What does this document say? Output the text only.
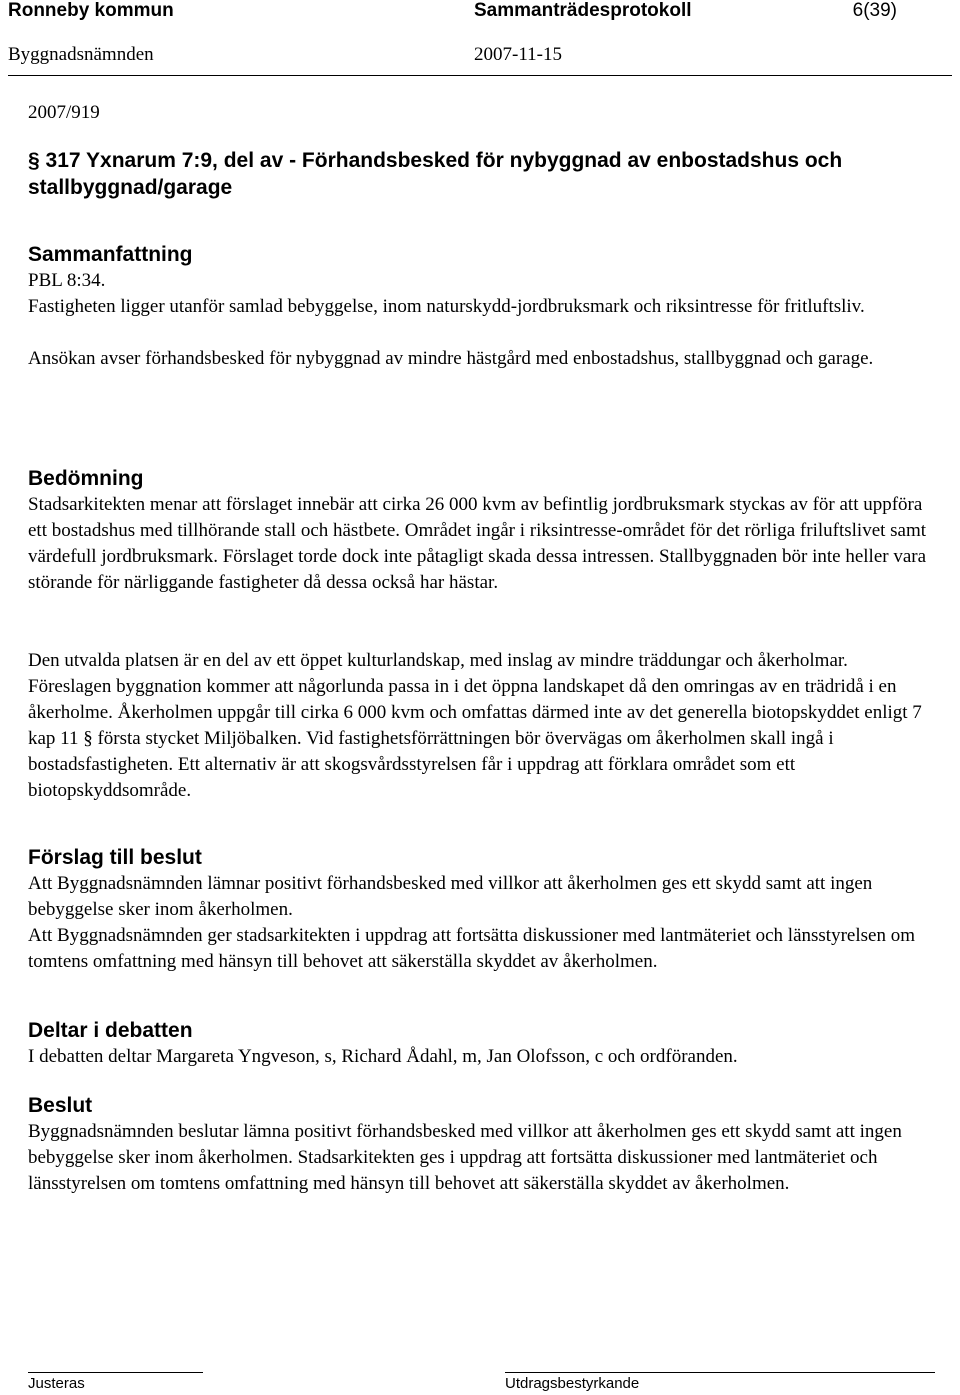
Ronneby kommun	Sammanträdesprotokoll	6(39)
Byggnadsnämnden	2007-11-15
2007/919
§ 317 Yxnarum 7:9, del av - Förhandsbesked för nybyggnad av enbostadshus och
stallbyggnad/garage

Sammanfattning

PBL 8:34.

Fastigheten ligger utanför samlad bebyggelse, inom naturskydd-jordbruksmark och riksintresse för fritluftsliv.

Ansökan avser förhandsbesked för nybyggnad av mindre hästgård med enbostadshus, stallbyggnad och garage.

Bedömning

Stadsarkitekten menar att förslaget innebär att cirka 26 000 kvm av befintlig jordbruksmark styckas av för att uppföra ett bostadshus med tillhörande stall och hästbete. Området ingår i riksintresse-området för det rörliga friluftslivet samt värdefull jordbruksmark. Förslaget torde dock inte påtagligt skada dessa intressen. Stallbyggnaden bör inte heller vara störande för närliggande fastigheter då dessa också har hästar.

Den utvalda platsen är en del av ett öppet kulturlandskap, med inslag av mindre träddungar och åkerholmar. Föreslagen byggnation kommer att någorlunda passa in i det öppna landskapet då den omringas av en trädridå i en åkerholme. Åkerholmen uppgår till cirka 6 000 kvm och omfattas därmed inte av det generella biotopskyddet enligt 7 kap 11 § första stycket Miljöbalken. Vid fastighetsförrättningen bör övervägas om åkerholmen skall ingå i bostadsfastigheten. Ett alternativ är att skogsvårdsstyrelsen får i uppdrag att förklara området som ett biotopskyddsområde.

Förslag till beslut

Att Byggnadsnämnden lämnar positivt förhandsbesked med villkor att åkerholmen ges ett skydd samt att ingen bebyggelse sker inom åkerholmen.

Att Byggnadsnämnden ger stadsarkitekten i uppdrag att fortsätta diskussioner med lantmäteriet och länsstyrelsen om tomtens omfattning med hänsyn till behovet att säkerställa skyddet av åkerholmen.

Deltar i debatten

I debatten deltar Margareta Yngveson, s, Richard Ådahl, m, Jan Olofsson, c och ordföranden.

Beslut

Byggnadsnämnden beslutar lämna positivt förhandsbesked med villkor att åkerholmen ges ett skydd samt att ingen bebyggelse sker inom åkerholmen. Stadsarkitekten ges i uppdrag att fortsätta diskussioner med lantmäteriet och länsstyrelsen om tomtens omfattning med hänsyn till behovet att säkerställa skyddet av åkerholmen.

Justeras	Utdragsbestyrkande
